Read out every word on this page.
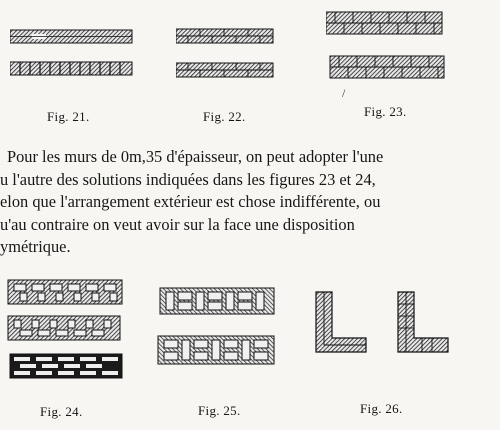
/
Fig. 21.	Fig. 22.	Fig. 23.
Pour les murs de 0m,35 d'épaisseur, on peut adopter l'une
u l'autre des solutions indiquées dans les figures 23 et 24,
elon que l'arrangement extérieur est chose indifférente, ou
u'au contraire on veut avoir sur la face une disposition
ymétrique.
Fig. 24.	Fig. 25.	Fig. 26.
